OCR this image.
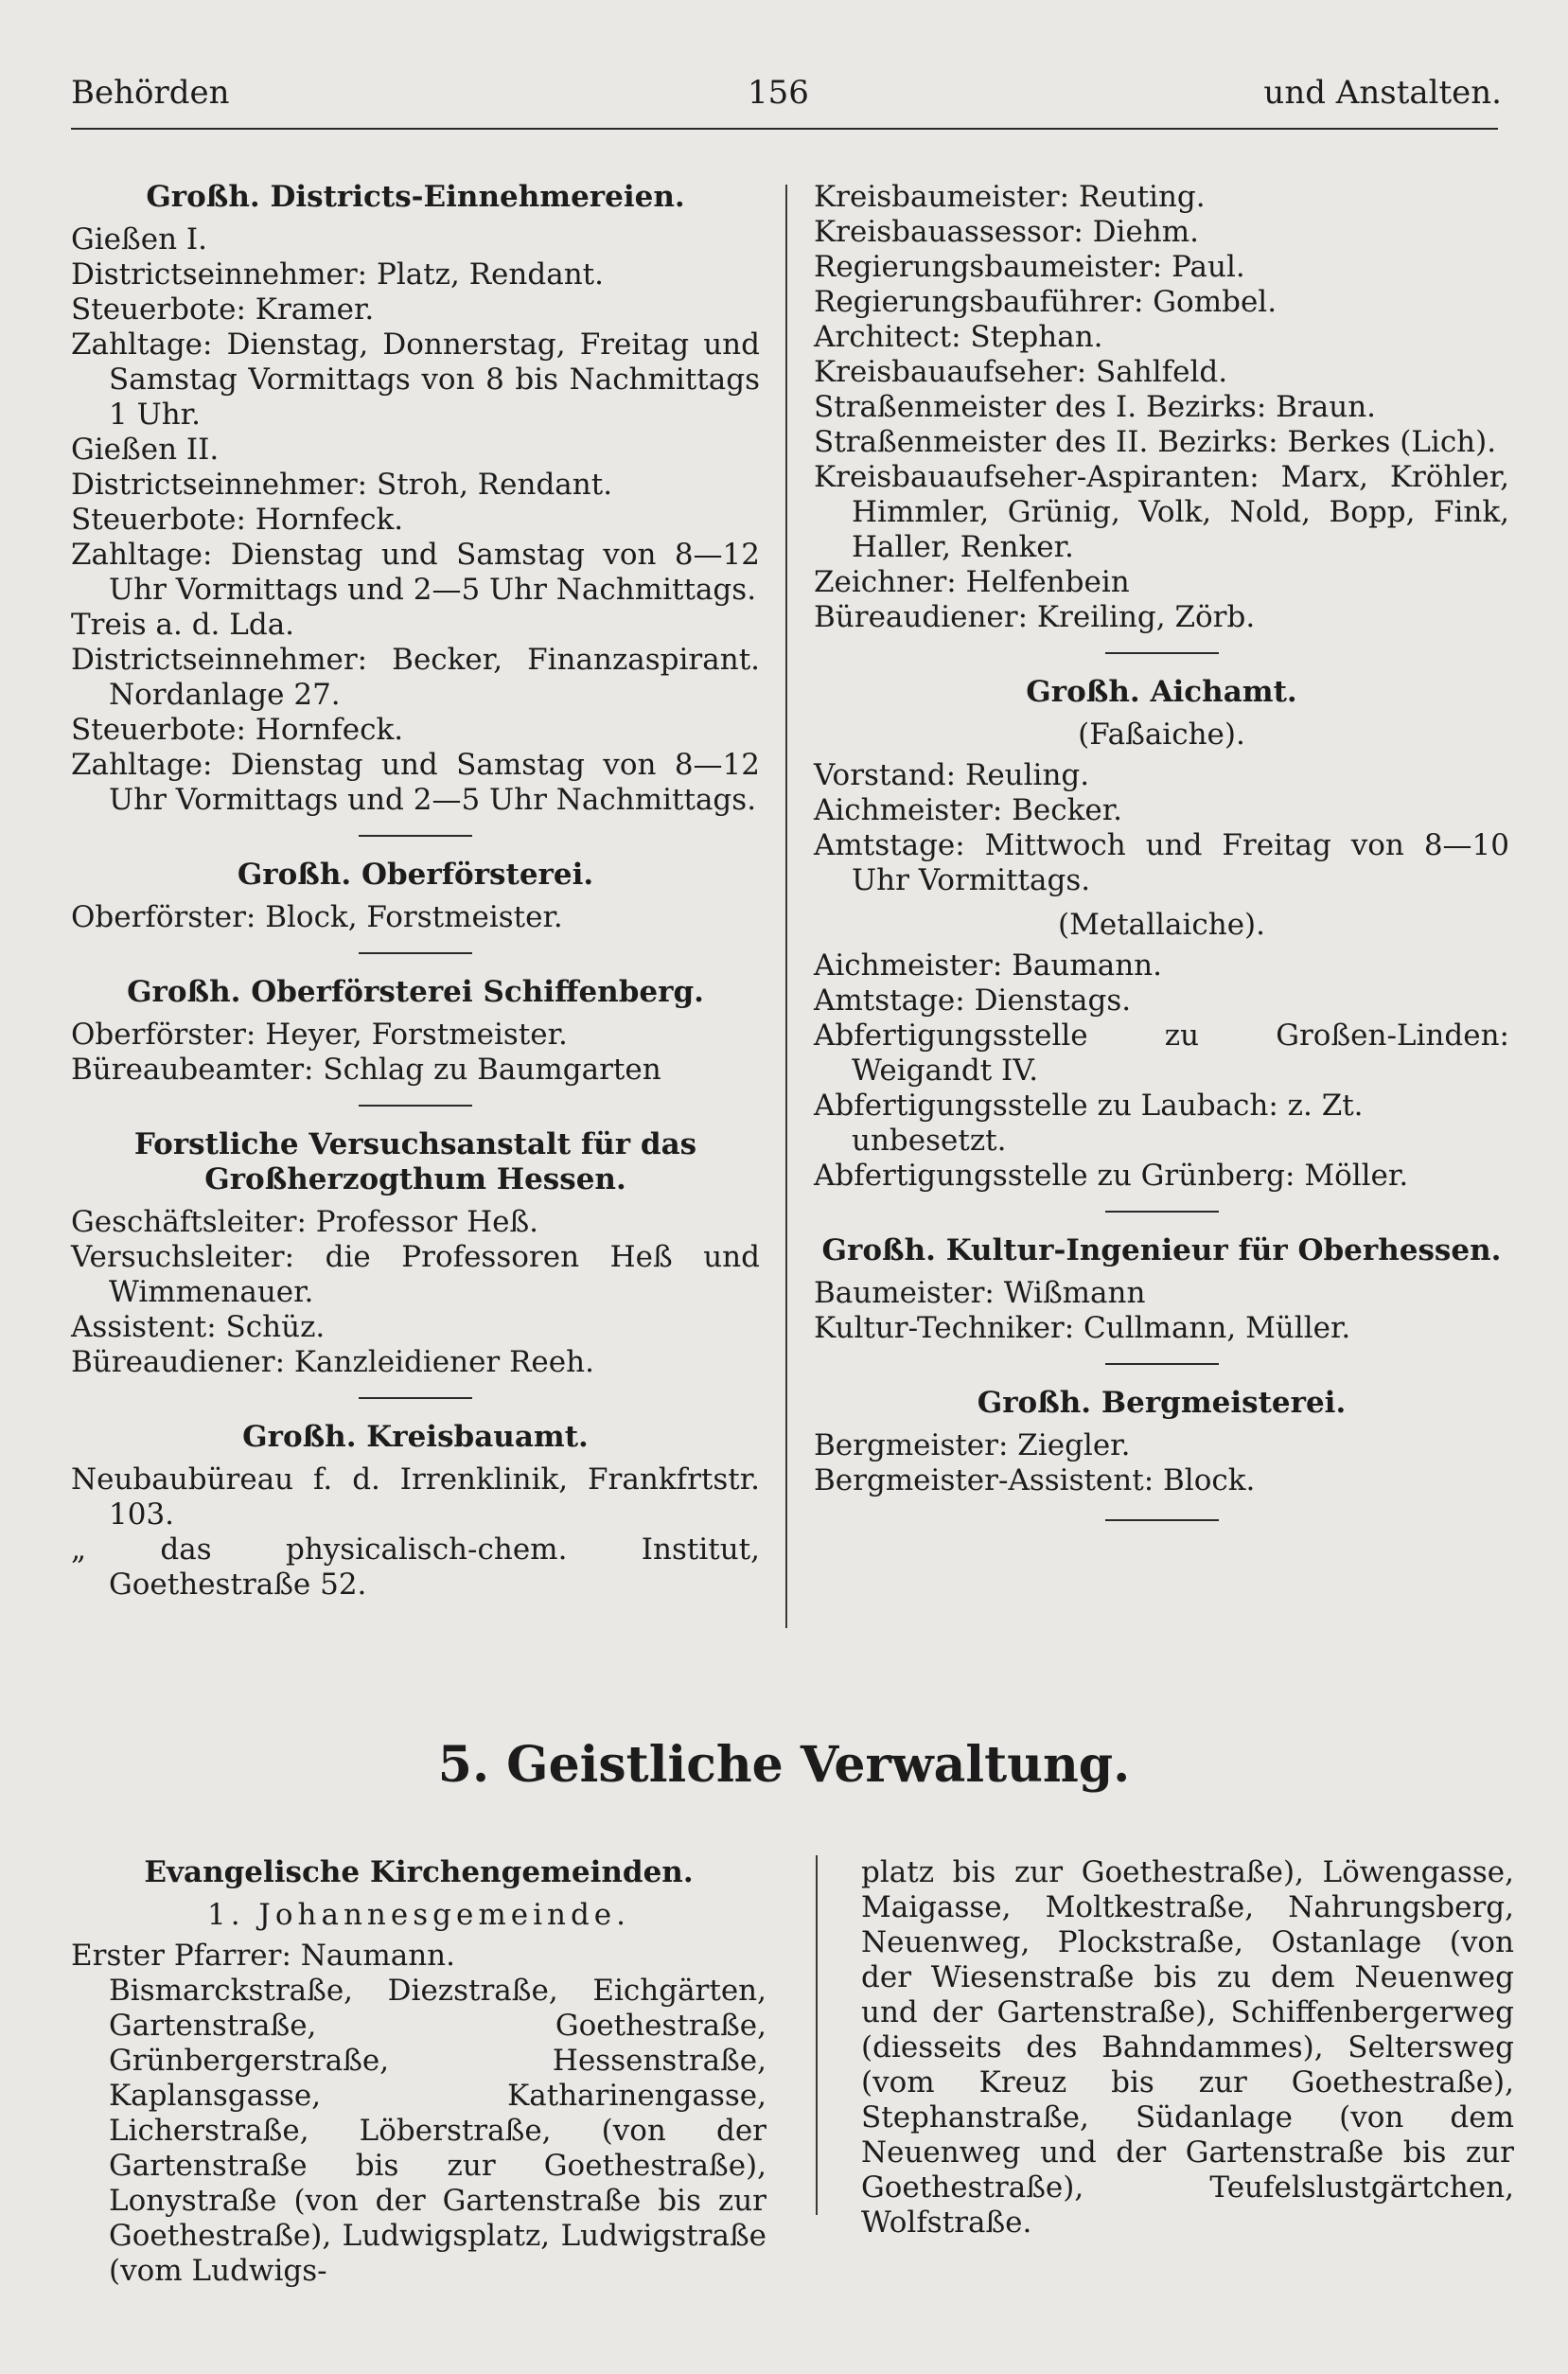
Behörden	156	und Anstalten.
Großh. Districts-Einnehmereien.

Gießen I.

Districtseinnehmer: Platz, Rendant.

Steuerbote: Kramer.

Zahltage: Dienstag, Donnerstag, Freitag und Samstag Vormittags von 8 bis Nachmittags 1 Uhr.

Gießen II.

Districtseinnehmer: Stroh, Rendant.

Steuerbote: Hornfeck.

Zahltage: Dienstag und Samstag von 8—12 Uhr Vormittags und 2—5 Uhr Nachmittags.

Treis a. d. Lda.

Districtseinnehmer: Becker, Finanzaspirant. Nordanlage 27.

Steuerbote: Hornfeck.

Zahltage: Dienstag und Samstag von 8—12 Uhr Vormittags und 2—5 Uhr Nachmittags.

Großh. Oberförsterei.

Oberförster: Block, Forstmeister.

Großh. Oberförsterei Schiffenberg.

Oberförster: Heyer, Forstmeister.

Büreaubeamter: Schlag zu Baumgarten

Forstliche Versuchsanstalt für das Großherzogthum Hessen.

Geschäftsleiter: Professor Heß.

Versuchsleiter: die Professoren Heß und Wimmenauer.

Assistent: Schüz.

Büreaudiener: Kanzleidiener Reeh.

Großh. Kreisbauamt.

Neubaubüreau f. d. Irrenklinik, Frankfrtstr. 103.

„ das physicalisch-chem. Institut, Goethestraße 52.

Kreisbaumeister: Reuting.

Kreisbauassessor: Diehm.

Regierungsbaumeister: Paul.

Regierungsbauführer: Gombel.

Architect: Stephan.

Kreisbauaufseher: Sahlfeld.

Straßenmeister des I. Bezirks: Braun.

Straßenmeister des II. Bezirks: Berkes (Lich).

Kreisbauaufseher-Aspiranten: Marx, Kröhler, Himmler, Grünig, Volk, Nold, Bopp, Fink, Haller, Renker.

Zeichner: Helfenbein

Büreaudiener: Kreiling, Zörb.

Großh. Aichamt.
(Faßaiche).

Vorstand: Reuling.

Aichmeister: Becker.

Amtstage: Mittwoch und Freitag von 8—10 Uhr Vormittags.

(Metallaiche).

Aichmeister: Baumann.

Amtstage: Dienstags.

Abfertigungsstelle zu Großen-Linden: Weigandt IV.

Abfertigungsstelle zu Laubach: z. Zt. unbesetzt.

Abfertigungsstelle zu Grünberg: Möller.

Großh. Kultur-Ingenieur für Oberhessen.

Baumeister: Wißmann

Kultur-Techniker: Cullmann, Müller.

Großh. Bergmeisterei.

Bergmeister: Ziegler.

Bergmeister-Assistent: Block.

5. Geistliche Verwaltung.
Evangelische Kirchengemeinden.
1. Johannesgemeinde.

Erster Pfarrer: Naumann.

Bismarckstraße, Diezstraße, Eichgärten, Gartenstraße, Goethestraße, Grünbergerstraße, Hessenstraße, Kaplansgasse, Katharinengasse, Licherstraße, Löberstraße, (von der Gartenstraße bis zur Goethestraße), Lonystraße (von der Gartenstraße bis zur Goethestraße), Ludwigsplatz, Ludwigstraße (vom Ludwigs-

platz bis zur Goethestraße), Löwengasse, Maigasse, Moltkestraße, Nahrungsberg, Neuenweg, Plockstraße, Ostanlage (von der Wiesenstraße bis zu dem Neuenweg und der Gartenstraße), Schiffenbergerweg (diesseits des Bahndammes), Seltersweg (vom Kreuz bis zur Goethestraße), Stephanstraße, Südanlage (von dem Neuenweg und der Gartenstraße bis zur Goethestraße), Teufelslustgärtchen, Wolfstraße.
